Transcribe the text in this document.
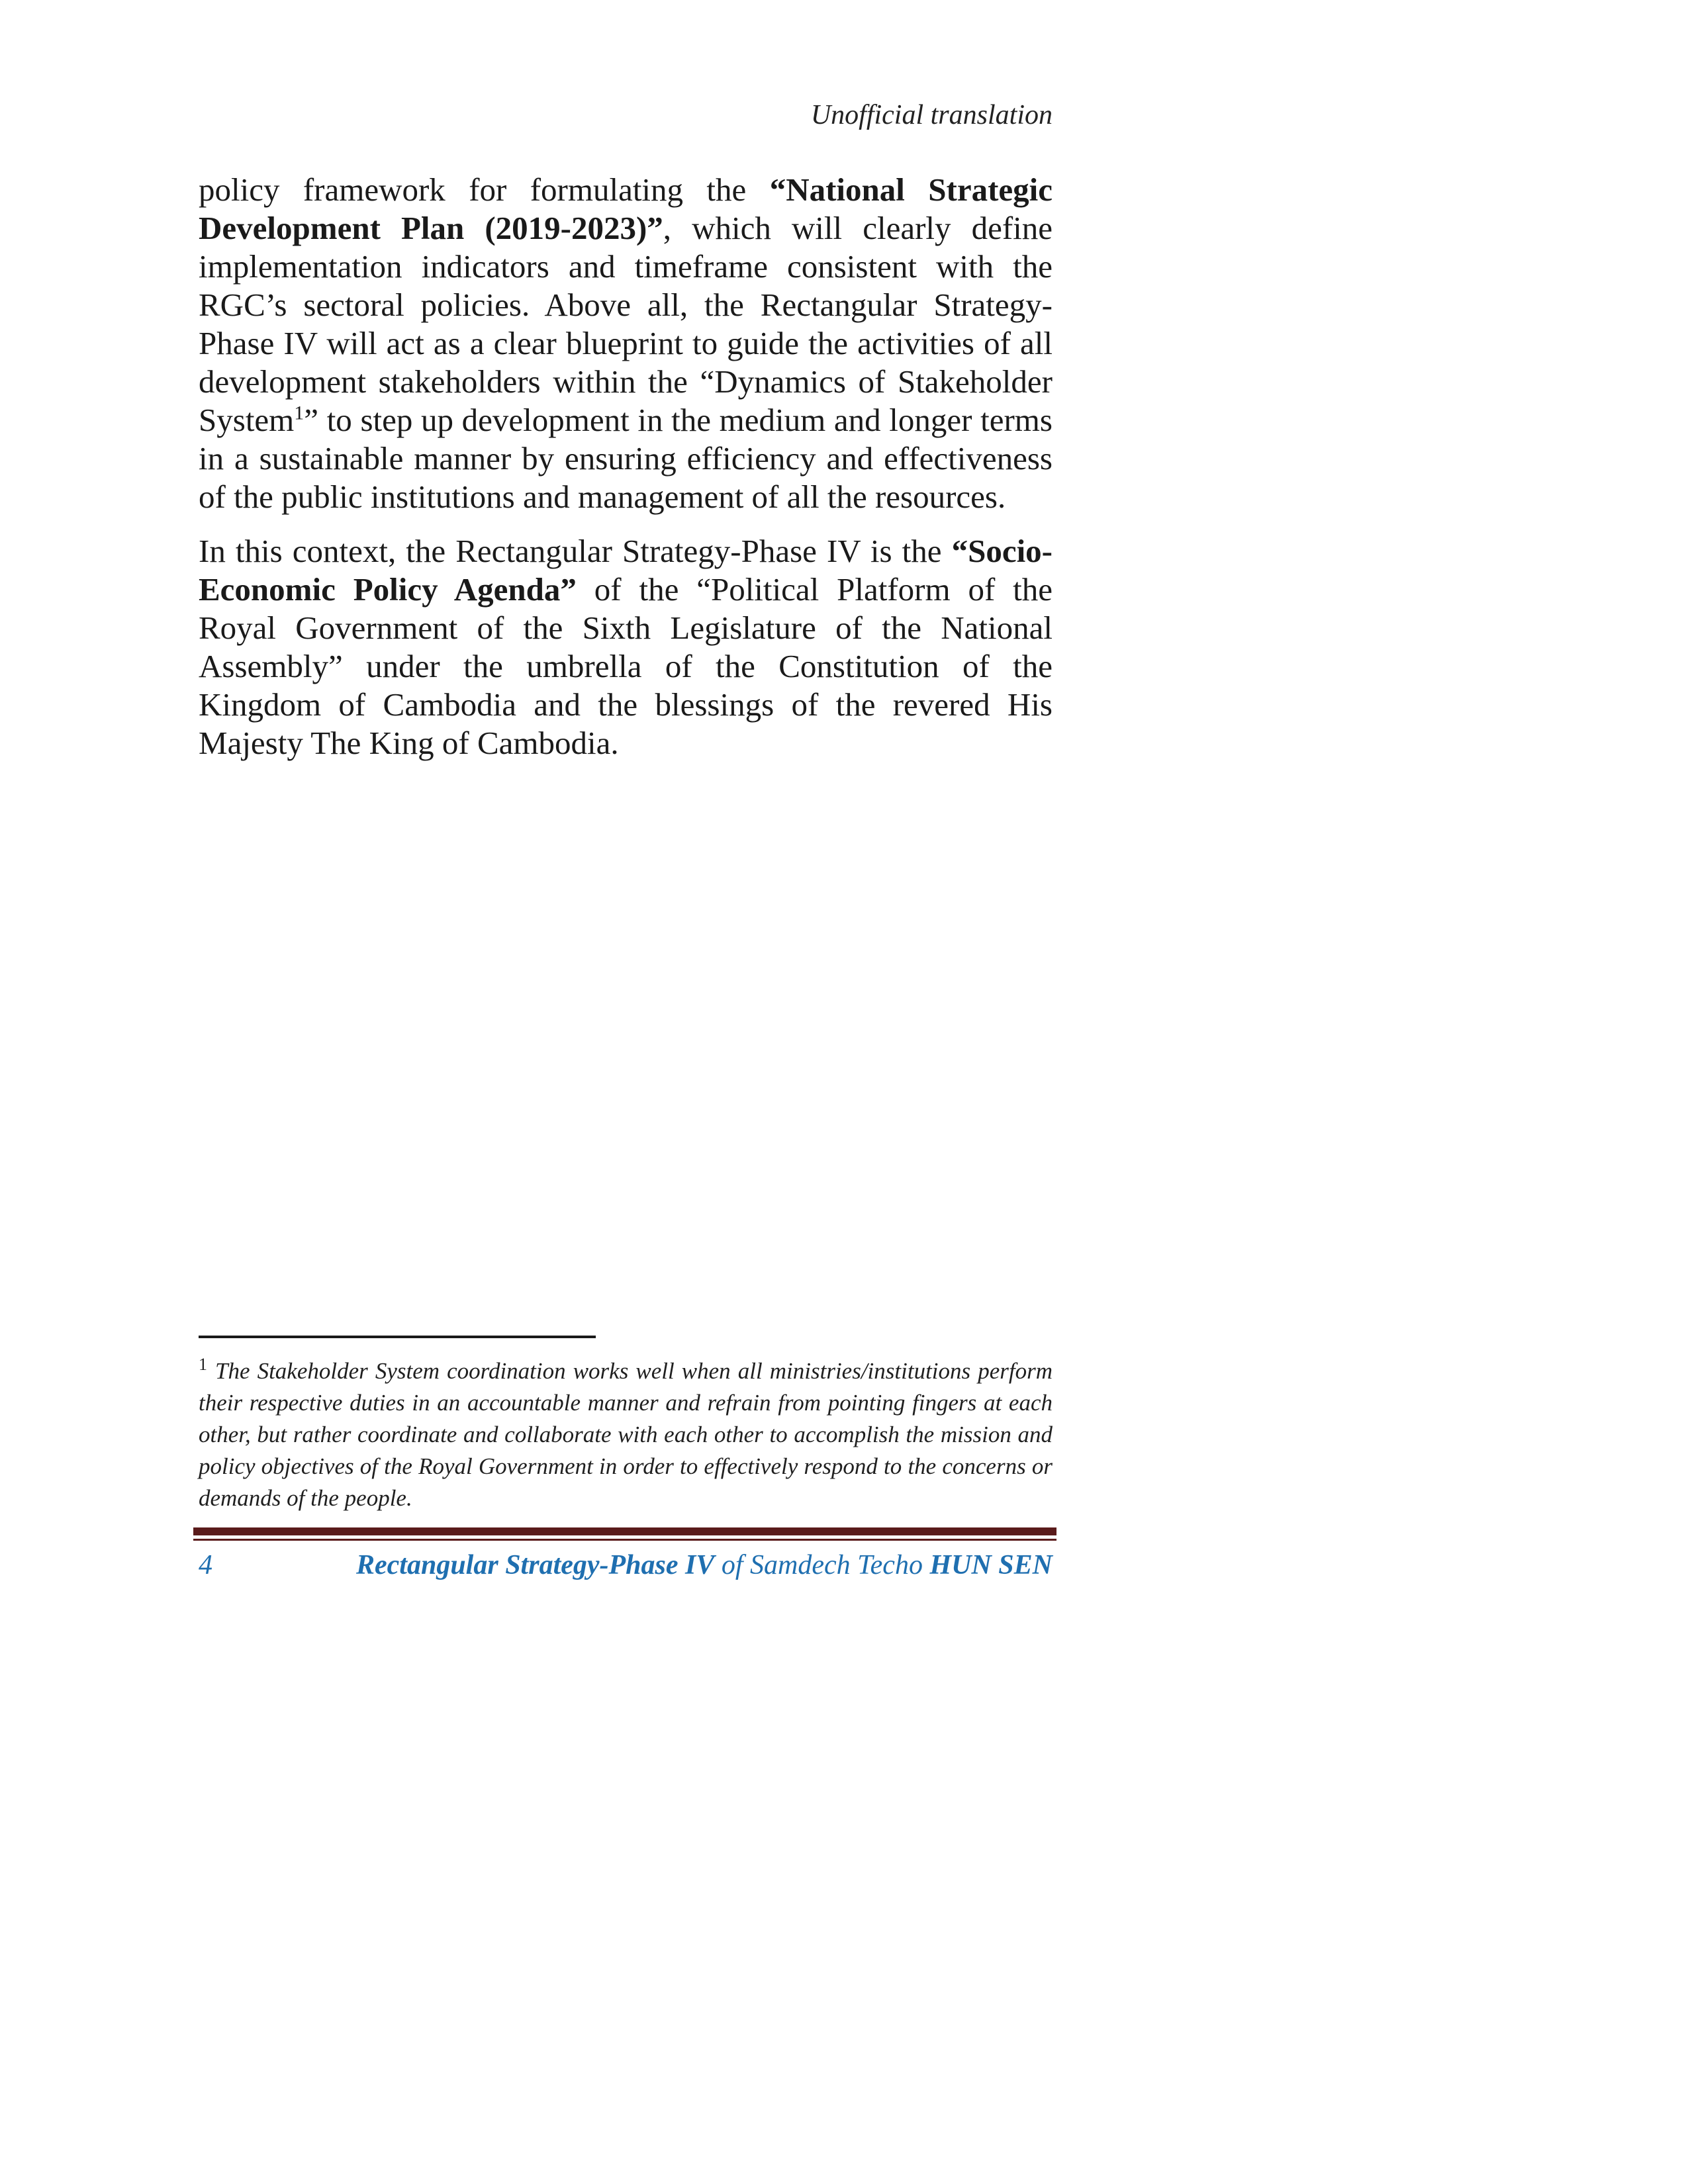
Unofficial translation

policy framework for formulating the “National Strategic Development Plan (2019-2023)”, which will clearly define implementation indicators and timeframe consistent with the RGC’s sectoral policies. Above all, the Rectangular Strategy-Phase IV will act as a clear blueprint to guide the activities of all development stakeholders within the “Dynamics of Stakeholder System$^1$” to step up development in the medium and longer terms in a sustainable manner by ensuring efficiency and effectiveness of the public institutions and management of all the resources.

In this context, the Rectangular Strategy-Phase IV is the “Socio-Economic Policy Agenda” of the “Political Platform of the Royal Government of the Sixth Legislature of the National Assembly” under the umbrella of the Constitution of the Kingdom of Cambodia and the blessings of the revered His Majesty The King of Cambodia.

$^1$ The Stakeholder System coordination works well when all ministries/institutions perform their respective duties in an accountable manner and refrain from pointing fingers at each other, but rather coordinate and collaborate with each other to accomplish the mission and policy objectives of the Royal Government in order to effectively respond to the concerns or demands of the people.
4	Rectangular Strategy-Phase IV of Samdech Techo HUN SEN
